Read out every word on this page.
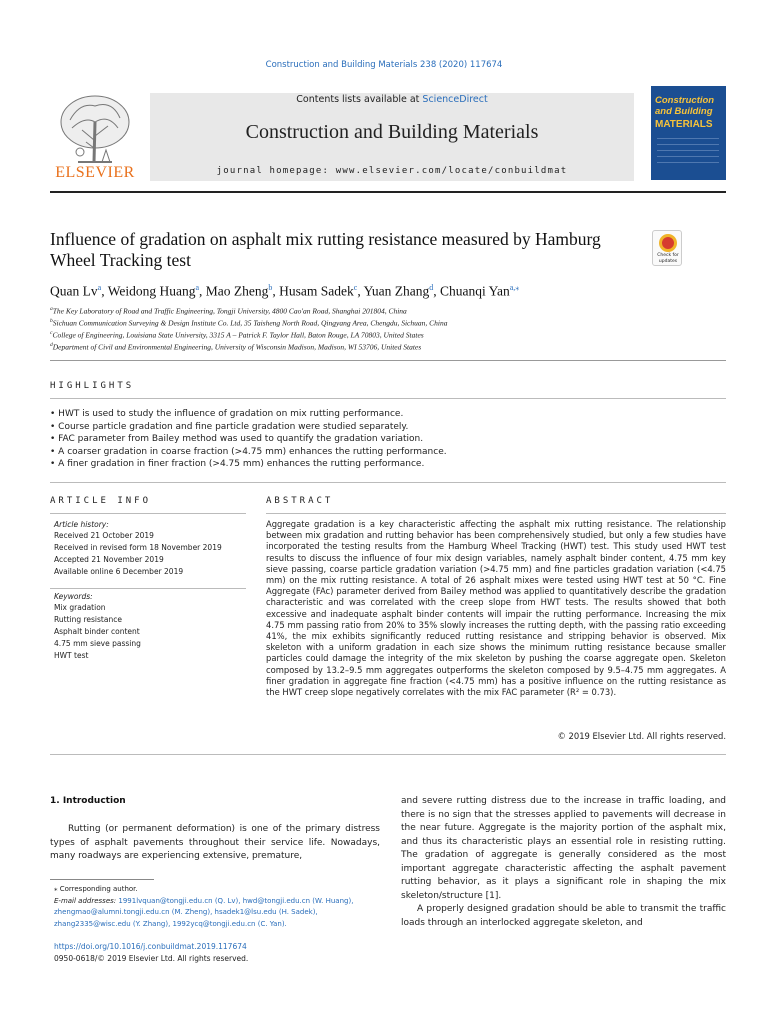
Construction and Building Materials 238 (2020) 117674
ELSEVIER
Contents lists available at ScienceDirect
Construction and Building Materials
journal homepage: www.elsevier.com/locate/conbuildmat
Construction
and Building
MATERIALS
Influence of gradation on asphalt mix rutting resistance measured by Hamburg Wheel Tracking test	Check for updates
Quan Lv$^a$, Weidong Huang$^a$, Mao Zheng$^b$, Husam Sadek$^c$, Yuan Zhang$^d$, Chuanqi Yan$^{a,⁎}$
$^a$The Key Laboratory of Road and Traffic Engineering, Tongji University, 4800 Cao'an Road, Shanghai 201804, China
$^b$Sichuan Communication Surveying & Design Institute Co. Ltd, 35 Taisheng North Road, Qingyang Area, Chengdu, Sichuan, China
$^c$College of Engineering, Louisiana State University, 3315 A – Patrick F. Taylor Hall, Baton Rouge, LA 70803, United States
$^d$Department of Civil and Environmental Engineering, University of Wisconsin Madison, Madison, WI 53706, United States
HIGHLIGHTS
• HWT is used to study the influence of gradation on mix rutting performance.
• Course particle gradation and fine particle gradation were studied separately.
• FAC parameter from Bailey method was used to quantify the gradation variation.
• A coarser gradation in coarse fraction (>4.75 mm) enhances the rutting performance.
• A finer gradation in finer fraction (>4.75 mm) enhances the rutting performance.
ARTICLE INFO
Article history:
Received 21 October 2019
Received in revised form 18 November 2019
Accepted 21 November 2019
Available online 6 December 2019
Keywords:
Mix gradation
Rutting resistance
Asphalt binder content
4.75 mm sieve passing
HWT test
ABSTRACT
Aggregate gradation is a key characteristic affecting the asphalt mix rutting resistance. The relationship between mix gradation and rutting behavior has been comprehensively studied, but only a few studies have incorporated the testing results from the Hamburg Wheel Tracking (HWT) test. This study used HWT test results to discuss the influence of four mix design variables, namely asphalt binder content, 4.75 mm key sieve passing, coarse particle gradation variation (>4.75 mm) and fine particles gradation variation (<4.75 mm) on the mix rutting resistance. A total of 26 asphalt mixes were tested using HWT test at 50 °C. Fine Aggregate (FAc) parameter derived from Bailey method was applied to quantitatively describe the gradation characteristic and was correlated with the creep slope from HWT tests. The results showed that both excessive and inadequate asphalt binder contents will impair the rutting performance. Increasing the mix 4.75 mm passing ratio from 20% to 35% slowly increases the rutting depth, with the passing ratio exceeding 41%, the mix exhibits significantly reduced rutting resistance and stripping behavior is observed. Mix skeleton with a uniform gradation in each size shows the minimum rutting resistance because smaller particles could damage the integrity of the mix skeleton by pushing the coarse aggregate open. Skeleton composed by 13.2–9.5 mm aggregates outperforms the skeleton composed by 9.5–4.75 mm aggregates. A finer gradation in aggregate fine fraction (<4.75 mm) has a positive influence on the rutting resistance as the HWT creep slope negatively correlates with the mix FAC parameter (R² = 0.73).
© 2019 Elsevier Ltd. All rights reserved.
1. Introduction
Rutting (or permanent deformation) is one of the primary distress types of asphalt pavements throughout their service life. Nowadays, many roadways are experiencing extensive, premature,
and severe rutting distress due to the increase in traffic loading, and there is no sign that the stresses applied to pavements will decrease in the near future. Aggregate is the majority portion of the asphalt mix, and thus its characteristic plays an essential role in resisting rutting. The gradation of aggregate is generally considered as the most important aggregate characteristic affecting the asphalt pavement rutting behavior, as it plays a significant role in shaping the mix skeleton/structure [1].
A properly designed gradation should be able to transmit the traffic loads through an interlocked aggregate skeleton, and
⁎ Corresponding author.
E-mail addresses: 1991lvquan@tongji.edu.cn (Q. Lv), hwd@tongji.edu.cn (W. Huang), zhengmao@alumni.tongji.edu.cn (M. Zheng), hsadek1@lsu.edu (H. Sadek), zhang2335@wisc.edu (Y. Zhang), 1992ycq@tongji.edu.cn (C. Yan).
https://doi.org/10.1016/j.conbuildmat.2019.117674
0950-0618/© 2019 Elsevier Ltd. All rights reserved.
